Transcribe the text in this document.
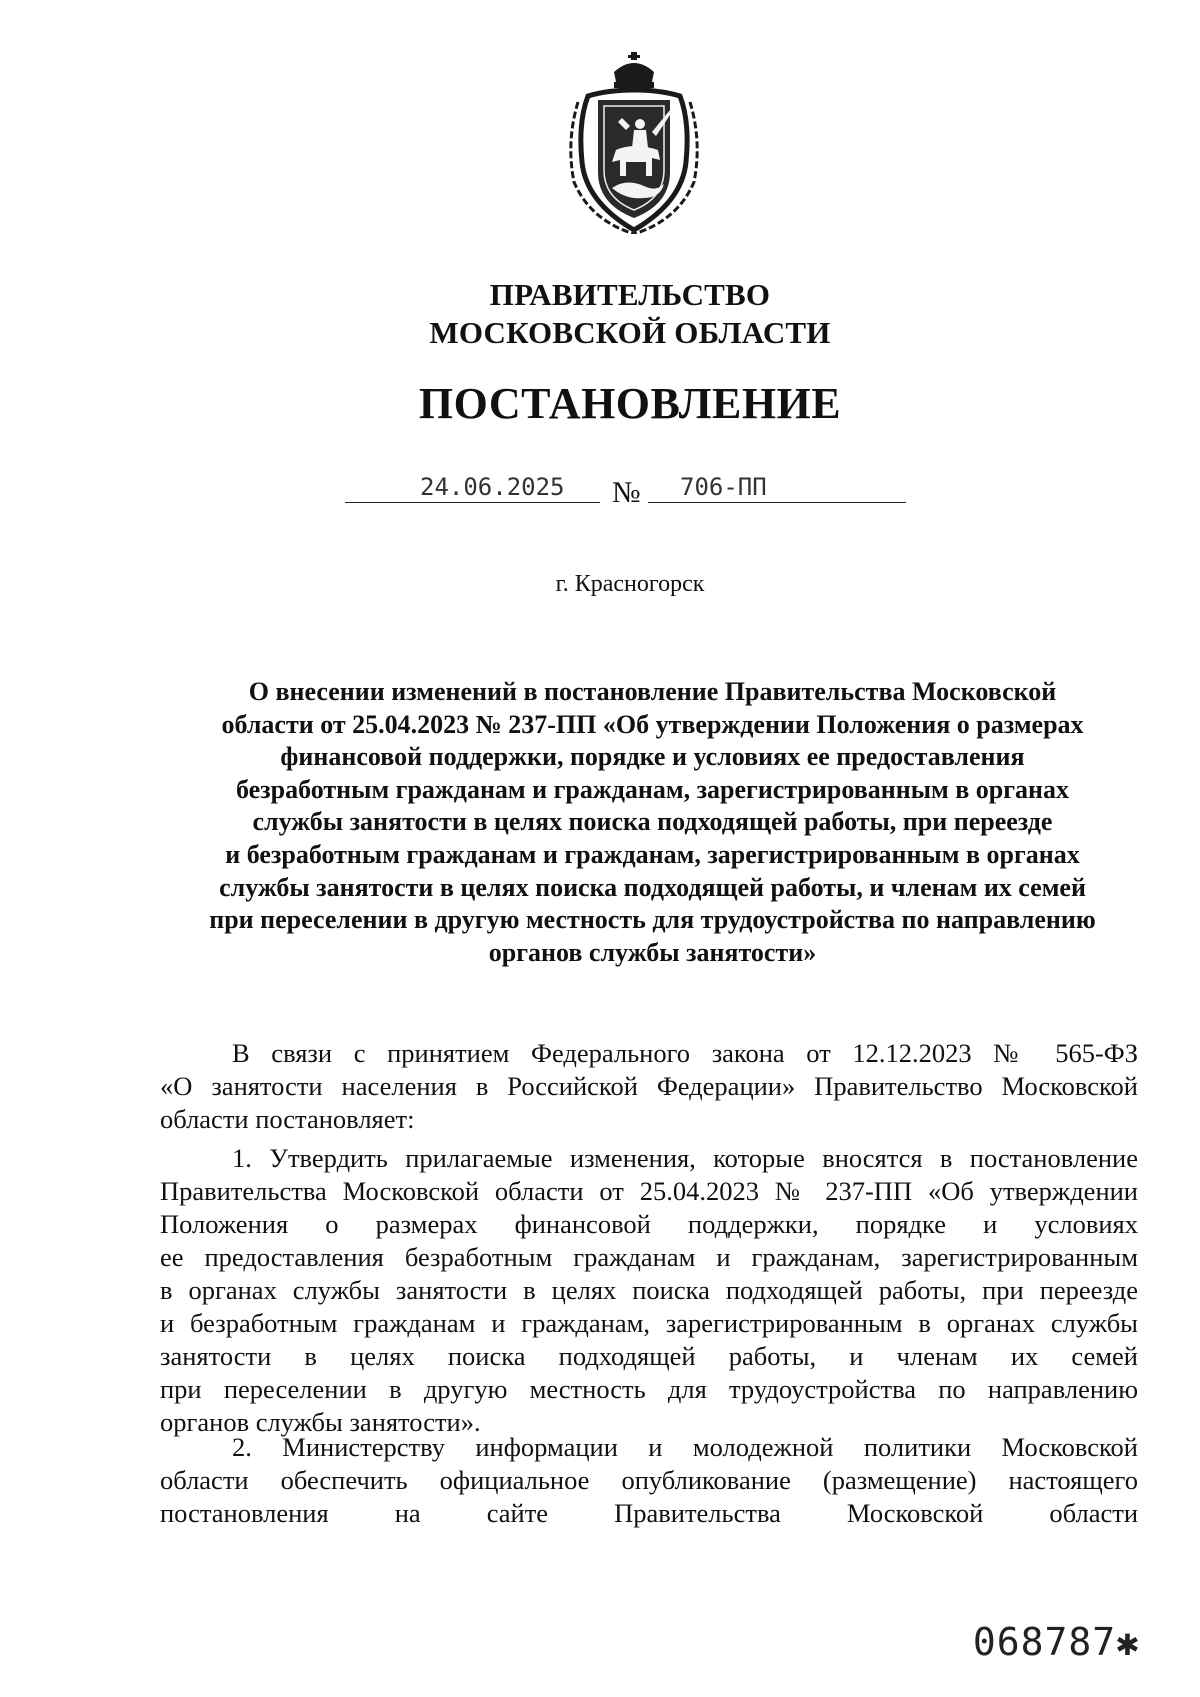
ПРАВИТЕЛЬСТВО
МОСКОВСКОЙ ОБЛАСТИ
ПОСТАНОВЛЕНИЕ
24.06.2025 № 706-ПП
г. Красногорск
О внесении изменений в постановление Правительства Московской
области от 25.04.2023 № 237-ПП «Об утверждении Положения о размерах
финансовой поддержки, порядке и условиях ее предоставления
безработным гражданам и гражданам, зарегистрированным в органах
службы занятости в целях поиска подходящей работы, при переезде
и безработным гражданам и гражданам, зарегистрированным в органах
службы занятости в целях поиска подходящей работы, и членам их семей
при переселении в другую местность для трудоустройства по направлению
органов службы занятости»
В связи с принятием Федерального закона от 12.12.2023 № 565-ФЗ
«О занятости населения в Российской Федерации» Правительство Московской
области постановляет:
1. Утвердить прилагаемые изменения, которые вносятся в постановление
Правительства Московской области от 25.04.2023 № 237-ПП «Об утверждении
Положения о размерах финансовой поддержки, порядке и условиях
ее предоставления безработным гражданам и гражданам, зарегистрированным
в органах службы занятости в целях поиска подходящей работы, при переезде
и безработным гражданам и гражданам, зарегистрированным в органах службы
занятости в целях поиска подходящей работы, и членам их семей
при переселении в другую местность для трудоустройства по направлению
органов службы занятости».
2. Министерству информации и молодежной политики Московской
области обеспечить официальное опубликование (размещение) настоящего
постановления на сайте Правительства Московской области
068787✱
